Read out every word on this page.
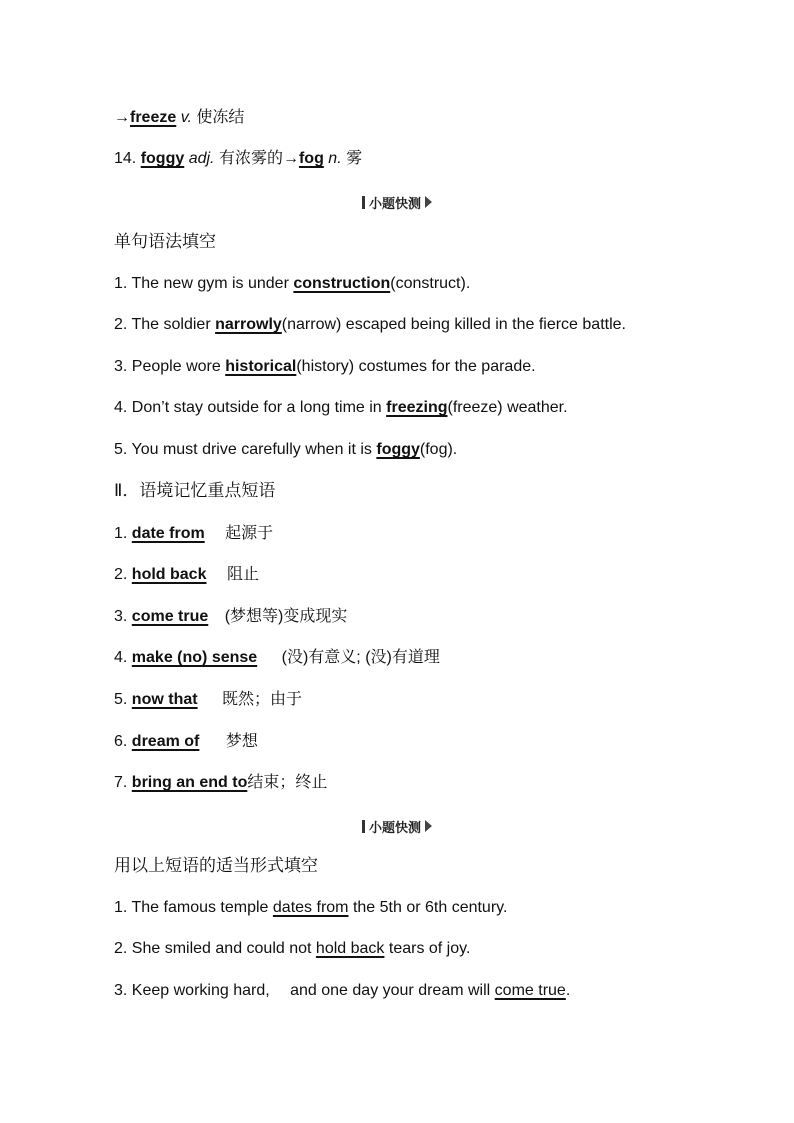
→freeze v. 使冻结
14. foggy adj. 有浓雾的→fog n. 雾
小题快测
单句语法填空
1. The new gym is under construction(construct).
2. The soldier narrowly(narrow) escaped being killed in the fierce battle.
3. People wore historical(history) costumes for the parade.
4. Don’t stay outside for a long time in freezing(freeze) weather.
5. You must drive carefully when it is foggy(fog).
Ⅱ．语境记忆重点短语
1. date from 起源于
2. hold back 阻止
3. come true (梦想等)变成现实
4. make (no) sense (没)有意义; (没)有道理
5. now that 既然；由于
6. dream of 梦想
7. bring an end to结束；终止
小题快测
用以上短语的适当形式填空
1. The famous temple dates from the 5th or 6th century.
2. She smiled and could not hold back tears of joy.
3. Keep working hard, and one day your dream will come true.
